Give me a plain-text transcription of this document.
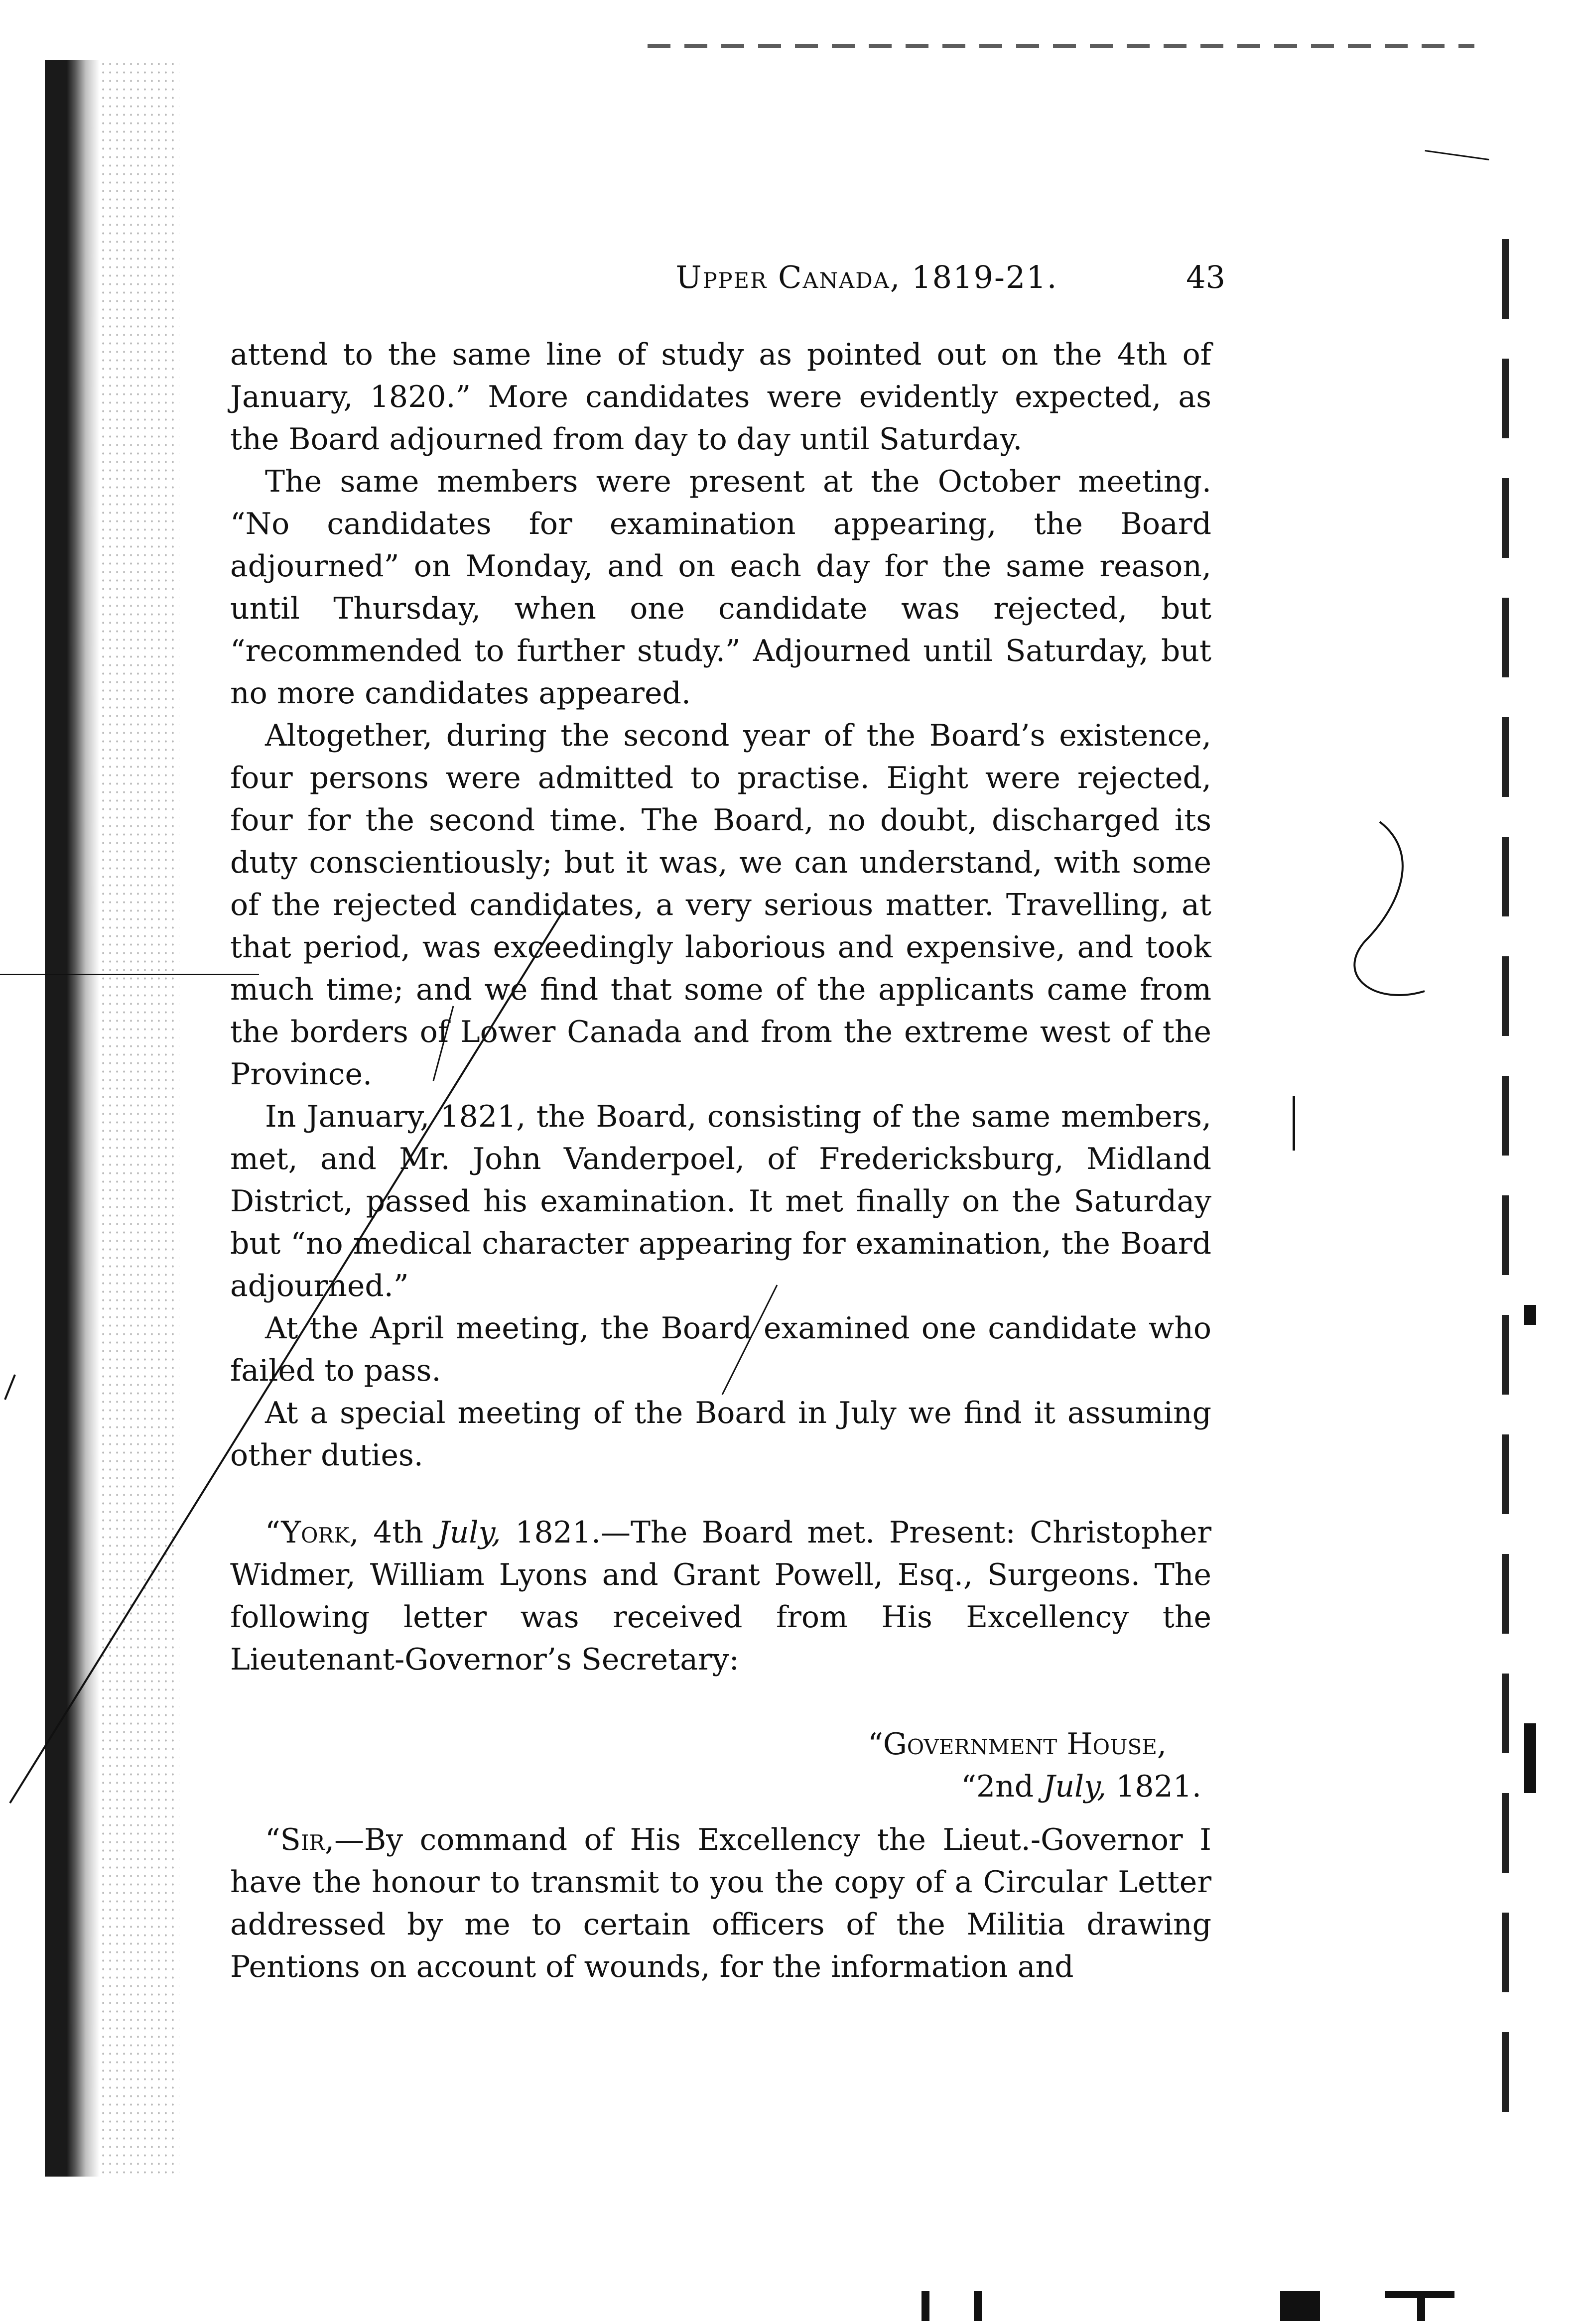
Upper Canada, 1819-21.	43

attend to the same line of study as pointed out on the 4th of January, 1820.” More candidates were evidently expected, as the Board adjourned from day to day until Saturday.

The same members were present at the October meeting. “No candidates for examination appearing, the Board adjourned” on Monday, and on each day for the same reason, until Thursday, when one candidate was rejected, but “recommended to further study.” Adjourned until Saturday, but no more candidates appeared.

Altogether, during the second year of the Board’s existence, four persons were admitted to practise. Eight were rejected, four for the second time. The Board, no doubt, discharged its duty conscientiously; but it was, we can understand, with some of the rejected candidates, a very serious matter. Travelling, at that period, was exceedingly laborious and expensive, and took much time; and we find that some of the applicants came from the borders of Lower Canada and from the extreme west of the Province.

In January, 1821, the Board, consisting of the same members, met, and Mr. John Vanderpoel, of Fredericksburg, Midland District, passed his examination. It met finally on the Saturday but “no medical character appearing for examination, the Board adjourned.”

At the April meeting, the Board examined one candidate who failed to pass.

At a special meeting of the Board in July we find it assuming other duties.

“York, 4th July, 1821.—The Board met. Present: Christopher Widmer, William Lyons and Grant Powell, Esq., Surgeons. The following letter was received from His Excellency the Lieutenant-Governor’s Secretary:

“Government House,

“2nd July, 1821.

“Sir,—By command of His Excellency the Lieut.-Governor I have the honour to transmit to you the copy of a Circular Letter addressed by me to certain officers of the Militia drawing Pentions on account of wounds, for the information and
